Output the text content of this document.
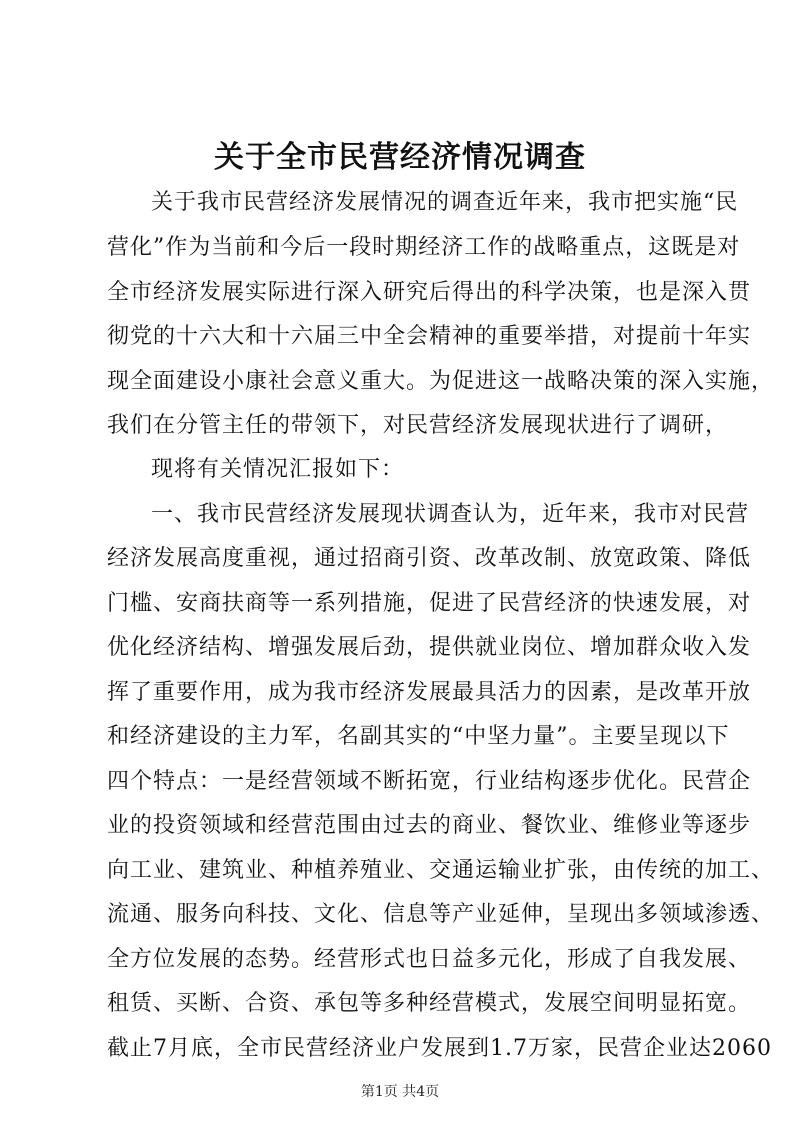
关于全市民营经济情况调查
关于我市民营经济发展情况的调查近年来，我市把实施“民
营化”作为当前和今后一段时期经济工作的战略重点，这既是对
全市经济发展实际进行深入研究后得出的科学决策，也是深入贯
彻党的十六大和十六届三中全会精神的重要举措，对提前十年实
现全面建设小康社会意义重大。为促进这一战略决策的深入实施，
我们在分管主任的带领下，对民营经济发展现状进行了调研，
现将有关情况汇报如下：
一、我市民营经济发展现状调查认为，近年来，我市对民营
经济发展高度重视，通过招商引资、改革改制、放宽政策、降低
门槛、安商扶商等一系列措施，促进了民营经济的快速发展，对
优化经济结构、增强发展后劲，提供就业岗位、增加群众收入发
挥了重要作用，成为我市经济发展最具活力的因素，是改革开放
和经济建设的主力军，名副其实的“中坚力量”。主要呈现以下
四个特点：一是经营领域不断拓宽，行业结构逐步优化。民营企
业的投资领域和经营范围由过去的商业、餐饮业、维修业等逐步
向工业、建筑业、种植养殖业、交通运输业扩张，由传统的加工、
流通、服务向科技、文化、信息等产业延伸，呈现出多领域渗透、
全方位发展的态势。经营形式也日益多元化，形成了自我发展、
租赁、买断、合资、承包等多种经营模式，发展空间明显拓宽。
第1页 共4页
截止7月底，全市民营经济业户发展到1.7万家，民营企业达2060
